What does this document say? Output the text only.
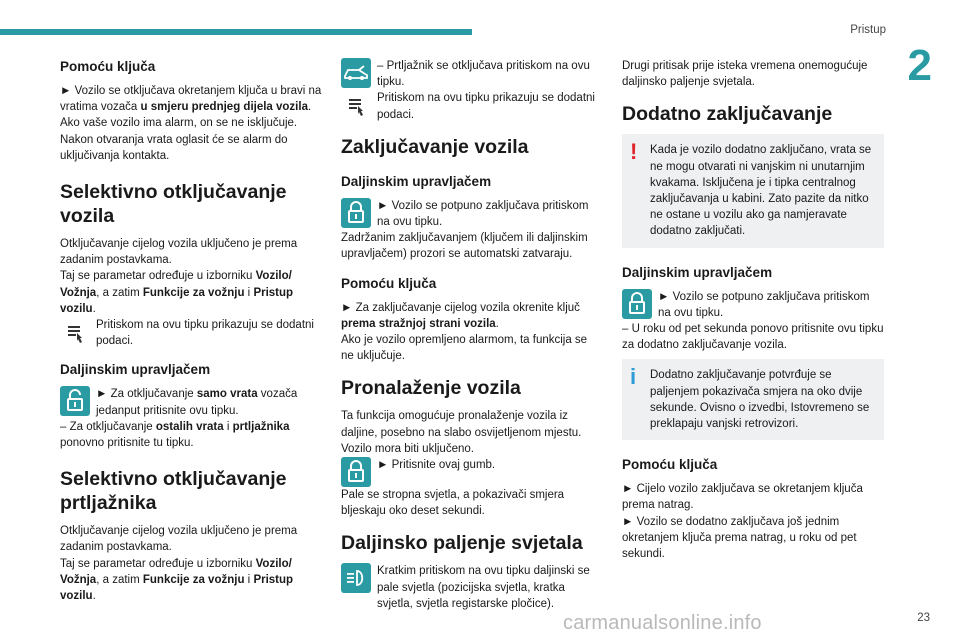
Pristup
2
23
carmanualsonline.info
Pomoću ključa

► Vozilo se otključava okretanjem ključa u bravi na vratima vozača u smjeru prednjeg dijela vozila.

Ako vaše vozilo ima alarm, on se ne isključuje. Nakon otvaranja vrata oglasit će se alarm do uključivanja kontakta.

Selektivno otključavanje vozila

Otključavanje cijelog vozila uključeno je prema zadanim postavkama.

Taj se parametar određuje u izborniku Vozilo/ Vožnja, a zatim Funkcije za vožnju i Pristup vozilu.

Pritiskom na ovu tipku prikazuju se dodatni podaci.

Daljinskim upravljačem

► Za otključavanje samo vrata vozača jedanput pritisnite ovu tipku.

– Za otključavanje ostalih vrata i prtljažnika ponovno pritisnite tu tipku.

Selektivno otključavanje prtljažnika

Otključavanje cijelog vozila uključeno je prema zadanim postavkama.

Taj se parametar određuje u izborniku Vozilo/ Vožnja, a zatim Funkcije za vožnju i Pristup vozilu.

– Prtljažnik se otključava pritiskom na ovu tipku.

Pritiskom na ovu tipku prikazuju se dodatni podaci.

Zaključavanje vozila
Daljinskim upravljačem

► Vozilo se potpuno zaključava pritiskom na ovu tipku.

Zadržanim zaključavanjem (ključem ili daljinskim upravljačem) prozori se automatski zatvaraju.

Pomoću ključa

► Za zaključavanje cijelog vozila okrenite ključ prema stražnjoj strani vozila.

Ako je vozilo opremljeno alarmom, ta funkcija se ne uključuje.

Pronalaženje vozila

Ta funkcija omogućuje pronalaženje vozila iz daljine, posebno na slabo osvijetljenom mjestu. Vozilo mora biti uključeno.

► Pritisnite ovaj gumb.

Pale se stropna svjetla, a pokazivači smjera bljeskaju oko deset sekundi.

Daljinsko paljenje svjetala

Kratkim pritiskom na ovu tipku daljinski se pale svjetla (pozicijska svjetla, kratka svjetla, svjetla registarske pločice).

Drugi pritisak prije isteka vremena onemogućuje daljinsko paljenje svjetala.

Dodatno zaključavanje
!	Kada je vozilo dodatno zaključano, vrata se ne mogu otvarati ni vanjskim ni unutarnjim kvakama. Isključena je i tipka centralnog zaključavanja u kabini. Zato pazite da nitko ne ostane u vozilu ako ga namjeravate dodatno zaključati.

Daljinskim upravljačem

► Vozilo se potpuno zaključava pritiskom na ovu tipku.

– U roku od pet sekunda ponovo pritisnite ovu tipku za dodatno zaključavanje vozila.

i	Dodatno zaključavanje potvrđuje se paljenjem pokazivača smjera na oko dvije sekunde. Ovisno o izvedbi, Istovremeno se preklapaju vanjski retrovizori.

Pomoću ključa

► Cijelo vozilo zaključava se okretanjem ključa prema natrag.

► Vozilo se dodatno zaključava još jednim okretanjem ključa prema natrag, u roku od pet sekundi.
